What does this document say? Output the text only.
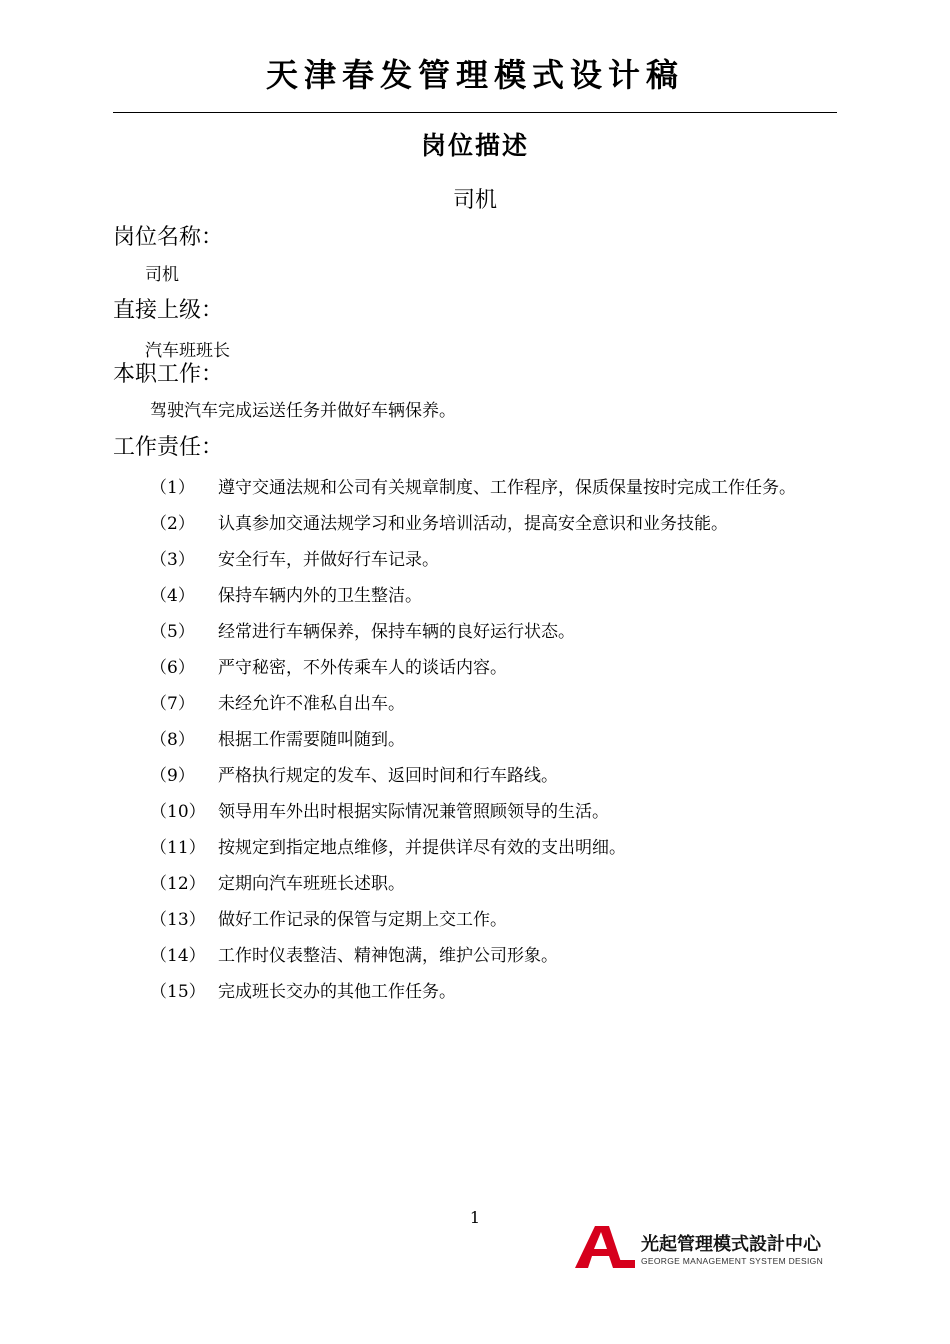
天津春发管理模式设计稿
岗位描述
司机
岗位名称：
司机
直接上级：
汽车班班长
本职工作：
驾驶汽车完成运送任务并做好车辆保养。
工作责任：
（1）	遵守交通法规和公司有关规章制度、工作程序，保质保量按时完成工作任务。
（2）	认真参加交通法规学习和业务培训活动，提高安全意识和业务技能。
（3）	安全行车，并做好行车记录。
（4）	保持车辆内外的卫生整洁。
（5）	经常进行车辆保养，保持车辆的良好运行状态。
（6）	严守秘密，不外传乘车人的谈话内容。
（7）	未经允许不准私自出车。
（8）	根据工作需要随叫随到。
（9）	严格执行规定的发车、返回时间和行车路线。
（10） 领导用车外出时根据实际情况兼管照顾领导的生活。
（11） 按规定到指定地点维修，并提供详尽有效的支出明细。
（12） 定期向汽车班班长述职。
（13） 做好工作记录的保管与定期上交工作。
（14） 工作时仪表整洁、精神饱满，维护公司形象。
（15） 完成班长交办的其他工作任务。
1
光起管理模式設計中心
GEORGE MANAGEMENT SYSTEM DESIGN
